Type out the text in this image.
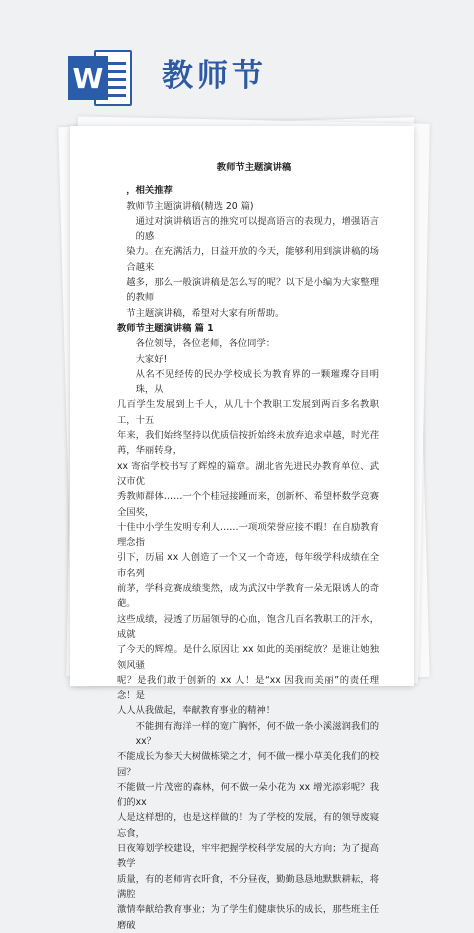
W 教师节
教师节主题演讲稿

，相关推荐

教师节主题演讲稿(精选 20 篇)

通过对演讲稿语言的推究可以提高语言的表现力，增强语言的感

染力。在充满活力，日益开放的今天，能够利用到演讲稿的场合越来

越多，那么一般演讲稿是怎么写的呢？以下是小编为大家整理的教师

节主题演讲稿，希望对大家有所帮助。

教师节主题演讲稿 篇 1

各位领导，各位老师，各位同学：

大家好!

从名不见经传的民办学校成长为教育界的一颗璀璨夺目明珠，从

几百学生发展到上千人，从几十个教职工发展到两百多名教职工，十五

年来，我们始终坚持以优质信按折始终未放弃追求卓越，时光荏苒，华丽转身，

xx 寄宿学校书写了辉煌的篇章。湖北省先进民办教育单位、武汉市优

秀教师群体……一个个桂冠接踵而来，创新杯、希望杯数学竞赛全国奖，

十佳中小学生发明专利人……一项项荣誉应接不暇！在自励教育理念指

引下，历届 xx 人创造了一个又一个奇迹，每年级学科成绩在全市名列

前茅，学科竞赛成绩斐然，成为武汉中学教育一朵无限诱人的奇葩。

这些成绩，浸透了历届领导的心血，饱含几百名教职工的汗水，成就

了今天的辉煌。是什么原因让 xx 如此的美丽绽放？是谁让她独领风骚

呢？是我们敢于创新的 xx 人！是“xx 因我而美丽”的责任理念！是

人人从我做起，奉献教育事业的精神！

不能拥有海洋一样的宽广胸怀，何不做一条小溪滋润我们的 xx？

不能成长为参天大树做栋梁之才，何不做一棵小草美化我们的校园？

不能做一片茂密的森林，何不做一朵小花为 xx 增光添彩呢？我们的xx

人是这样想的，也是这样做的！为了学校的发展，有的领导废寝忘食，

日夜筹划学校建设，牢牢把握学校科学发展的大方向；为了提高教学

质量，有的老师宵衣旰食，不分昼夜，勤勤恳恳地默默耕耘，将满腔

激情奉献给教育事业；为了学生们健康快乐的成长，那些班主任磨破
